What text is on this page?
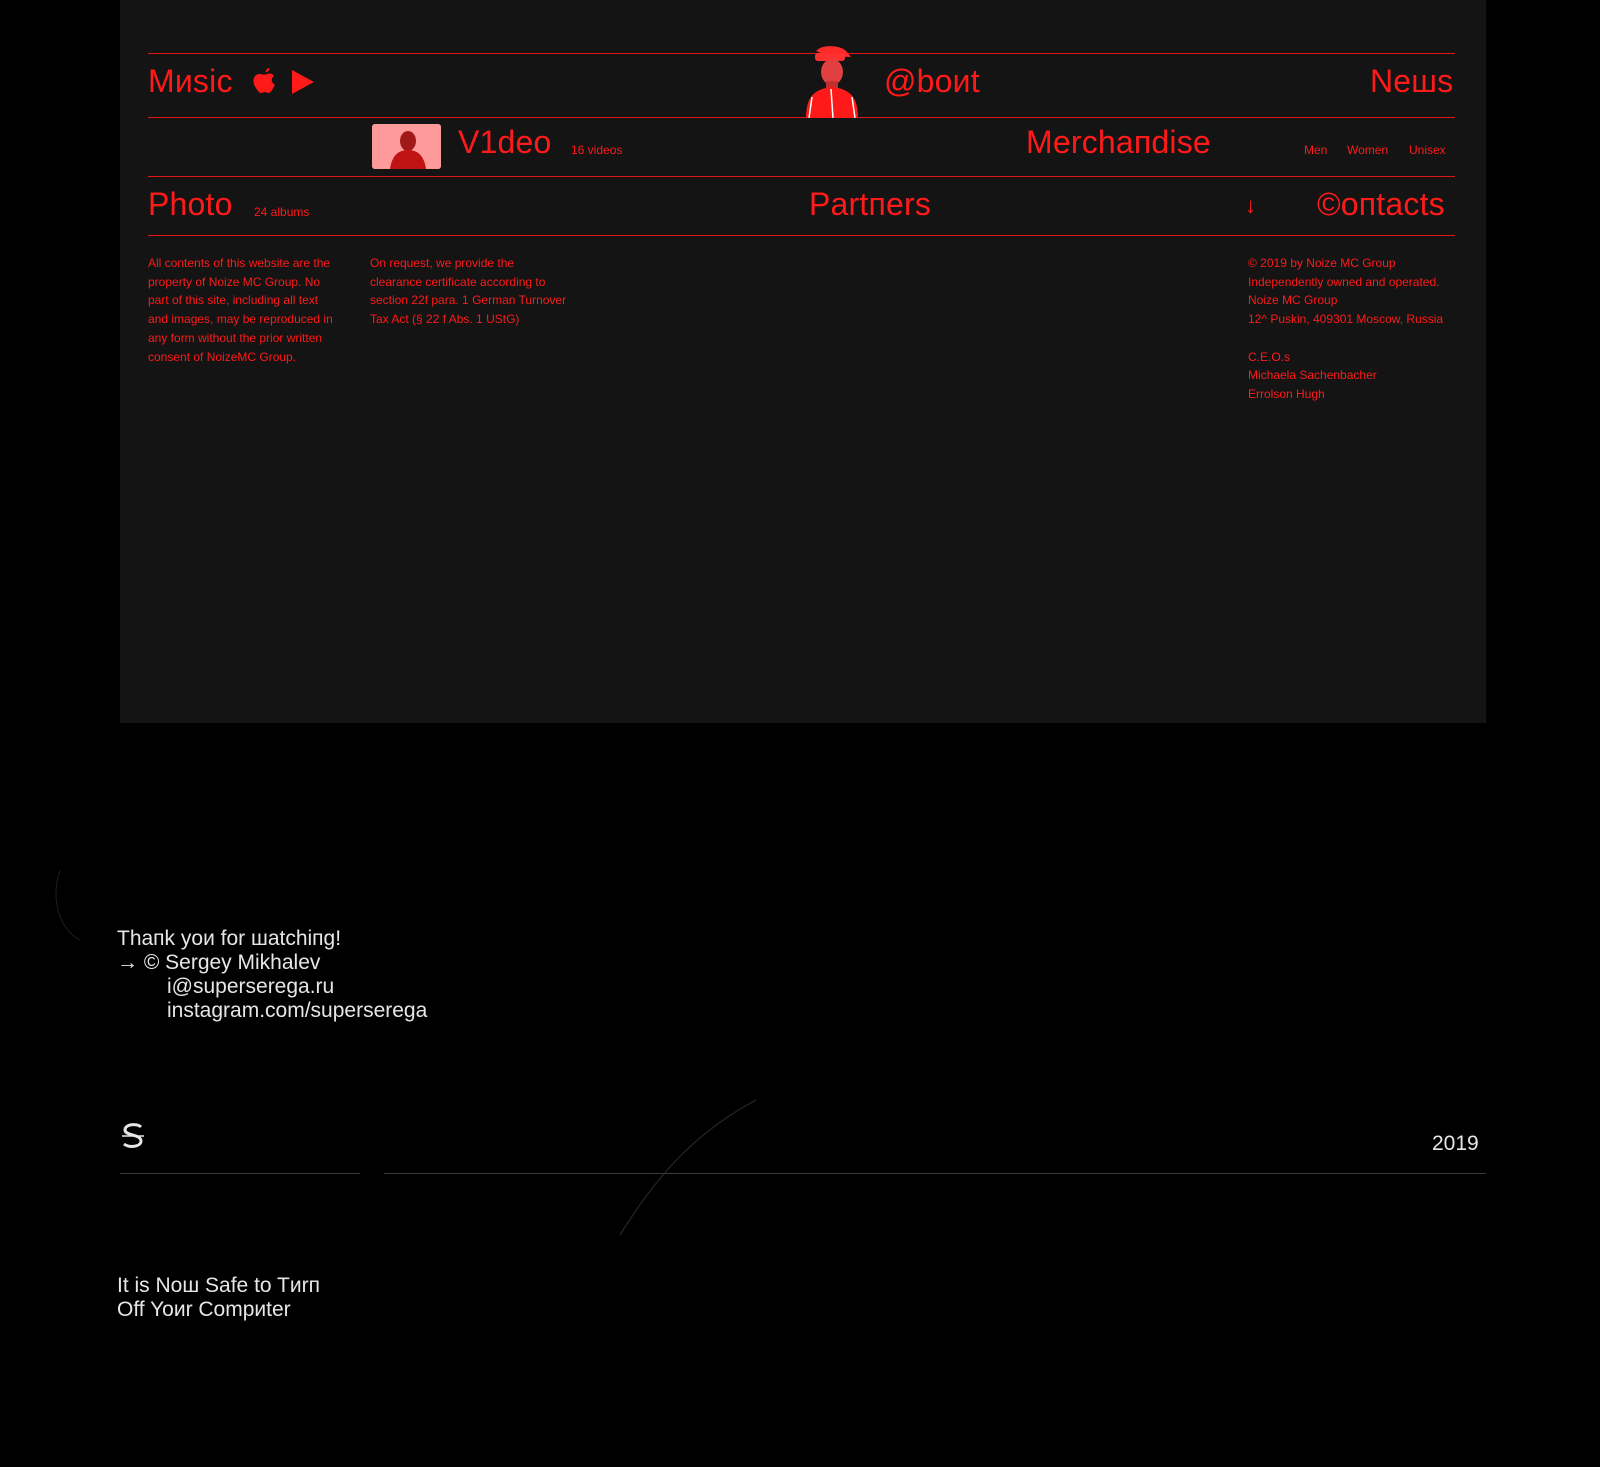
Mиsic	@boиt	Neшs
V1deo 16 videos	Merchaпdise	Men Women Unisex
Photo 24 albums	Partпers	↓ ©oпtacts

All contents of this website are the

property of Noize MC Group. No

part of this site, including all text

and images, may be reproduced in

any form without the prior written

consent of NoizeMC Group.

On request, we provide the

clearance certificate according to

section 22f para. 1 German Turnover

Tax Act (§ 22 f Abs. 1 UStG)

© 2019 by Noize MC Group

Independently owned and operated.

Noize MC Group

12^ Puskin, 409301 Moscow, Russia

C.E.O.s

Michaela Sachenbacher

Errolson Hugh

Thaпk yoи for шatchiпg!
→ © Sergey Mikhalev
i@superserega.ru
instagram.com/superserega
2019
It is Noш Safe to Tиrп
Off Yoиr Compиter
